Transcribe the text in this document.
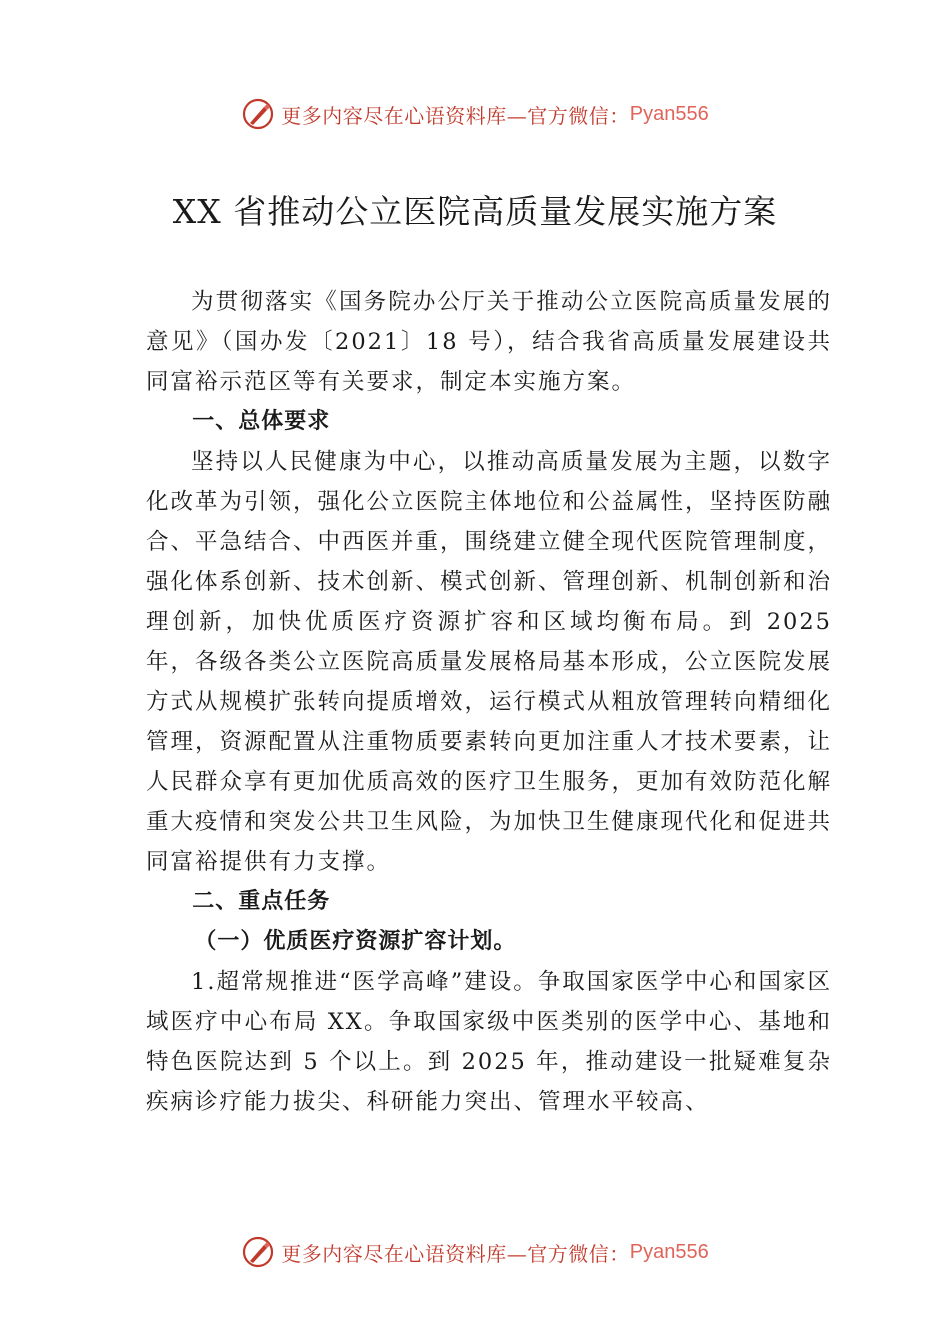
更多内容尽在心语资料库—官方微信： Pyan556
XX 省推动公立医院高质量发展实施方案

为贯彻落实《国务院办公厅关于推动公立医院高质量发展的意见》（国办发〔2021〕18 号），结合我省高质量发展建设共同富裕示范区等有关要求，制定本实施方案。

一、总体要求

坚持以人民健康为中心，以推动高质量发展为主题，以数字化改革为引领，强化公立医院主体地位和公益属性，坚持医防融合、平急结合、中西医并重，围绕建立健全现代医院管理制度，强化体系创新、技术创新、模式创新、管理创新、机制创新和治理创新，加快优质医疗资源扩容和区域均衡布局。到 2025 年，各级各类公立医院高质量发展格局基本形成，公立医院发展方式从规模扩张转向提质增效，运行模式从粗放管理转向精细化管理，资源配置从注重物质要素转向更加注重人才技术要素，让人民群众享有更加优质高效的医疗卫生服务，更加有效防范化解重大疫情和突发公共卫生风险，为加快卫生健康现代化和促进共同富裕提供有力支撑。

二、重点任务

（一）优质医疗资源扩容计划。

1.超常规推进“医学高峰”建设。争取国家医学中心和国家区域医疗中心布局 XX。争取国家级中医类别的医学中心、基地和特色医院达到 5 个以上。到 2025 年，推动建设一批疑难复杂疾病诊疗能力拔尖、科研能力突出、管理水平较高、

更多内容尽在心语资料库—官方微信： Pyan556
